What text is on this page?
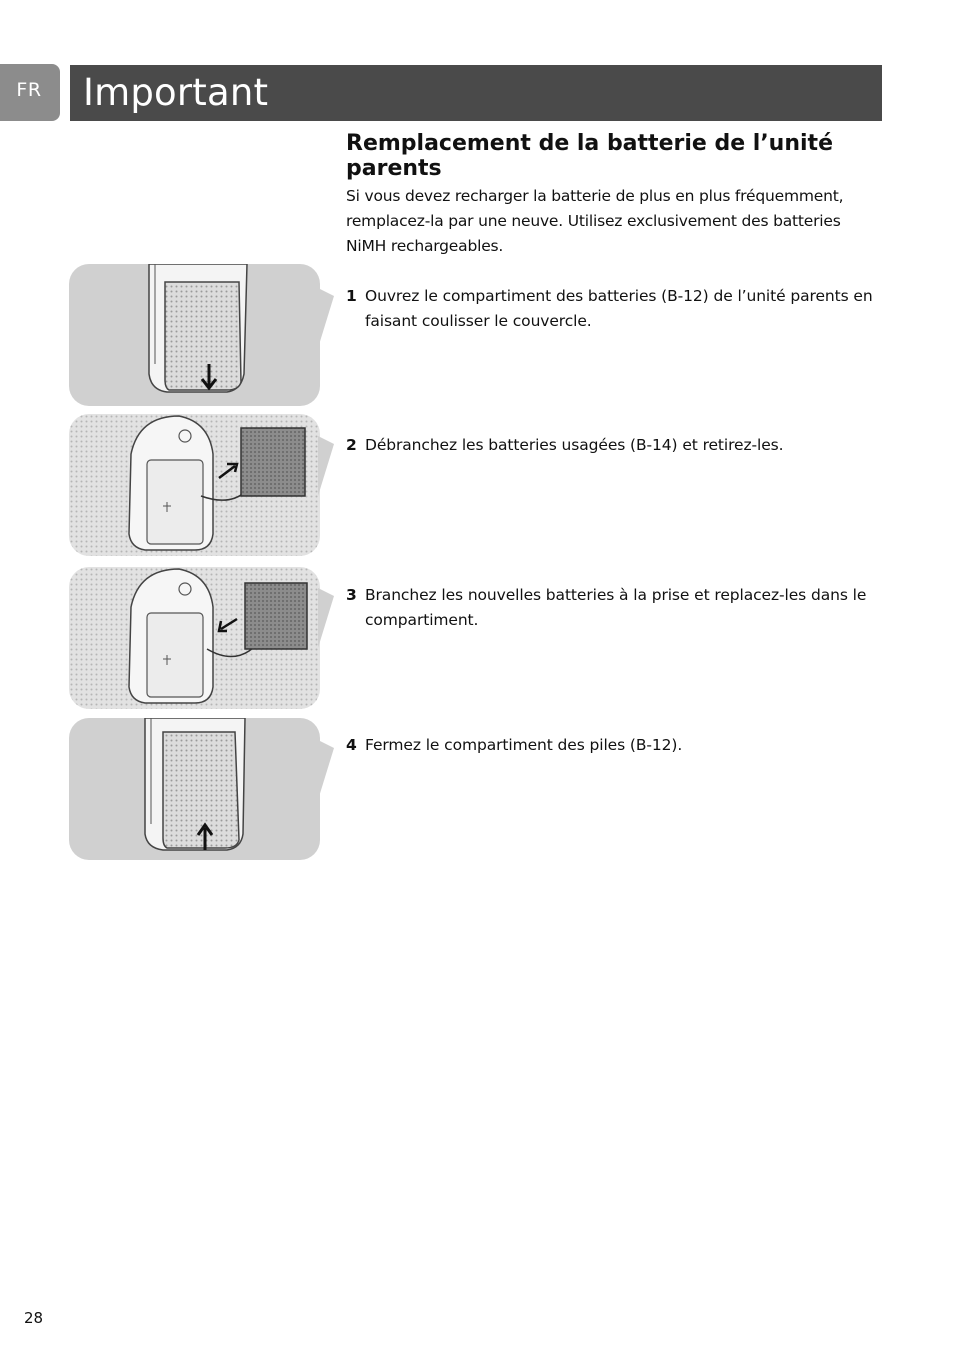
FR	Important
Remplacement de la batterie de l’unité parents

Si vous devez recharger la batterie de plus en plus fréquemment, remplacez-la par une neuve. Utilisez exclusivement des batteries NiMH rechargeables.

1 Ouvrez le compartiment des batteries (B-12) de l’unité parents en faisant coulisser le couvercle.

2 Débranchez les batteries usagées (B-14) et retirez-les.

3 Branchez les nouvelles batteries à la prise et replacez-les dans le compartiment.

4 Fermez le compartiment des piles (B-12).

28
